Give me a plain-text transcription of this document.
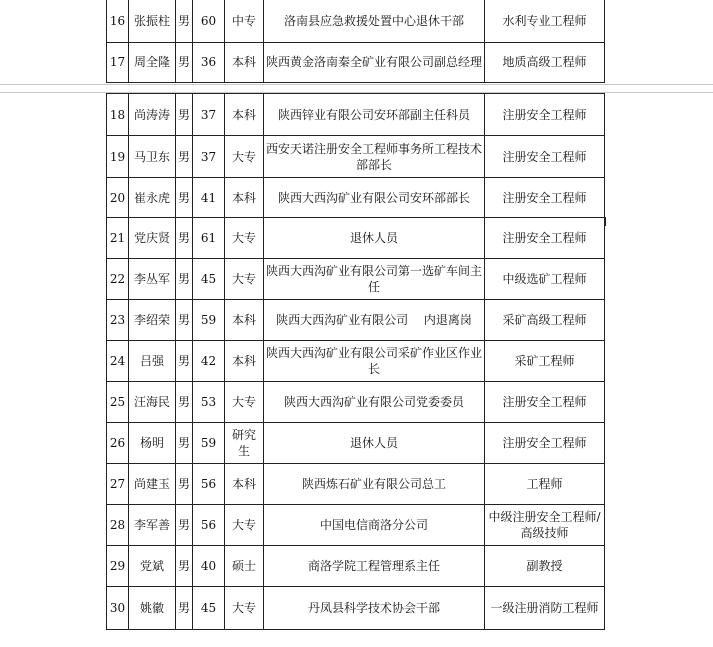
16	张振柱	男	60	中专	洛南县应急救援处置中心退休干部	水利专业工程师
17	周全隆	男	36	本科	陕西黄金洛南秦全矿业有限公司副总经理	地质高级工程师
18	尚涛涛	男	37	本科	陕西锌业有限公司安环部副主任科员	注册安全工程师
19	马卫东	男	37	大专	西安天诺注册安全工程师事务所工程技术部部长	注册安全工程师
20	崔永虎	男	41	本科	陕西大西沟矿业有限公司安环部部长	注册安全工程师
21	党庆贤	男	61	大专	退休人员	注册安全工程师
22	李丛军	男	45	大专	陕西大西沟矿业有限公司第一选矿车间主任	中级选矿工程师
23	李绍荣	男	59	本科	陕西大西沟矿业有限公司　 内退离岗	采矿高级工程师
24	吕强	男	42	本科	陕西大西沟矿业有限公司采矿作业区作业长	采矿工程师
25	汪海民	男	53	大专	陕西大西沟矿业有限公司党委委员	注册安全工程师
26	杨明	男	59	研究生	退休人员	注册安全工程师
27	尚建玉	男	56	本科	陕西炼石矿业有限公司总工	工程师
28	李军善	男	56	大专	中国电信商洛分公司	中级注册安全工程师/高级技师
29	党斌	男	40	硕士	商洛学院工程管理系主任	副教授
30	姚徽	男	45	大专	丹凤县科学技术协会干部	一级注册消防工程师
